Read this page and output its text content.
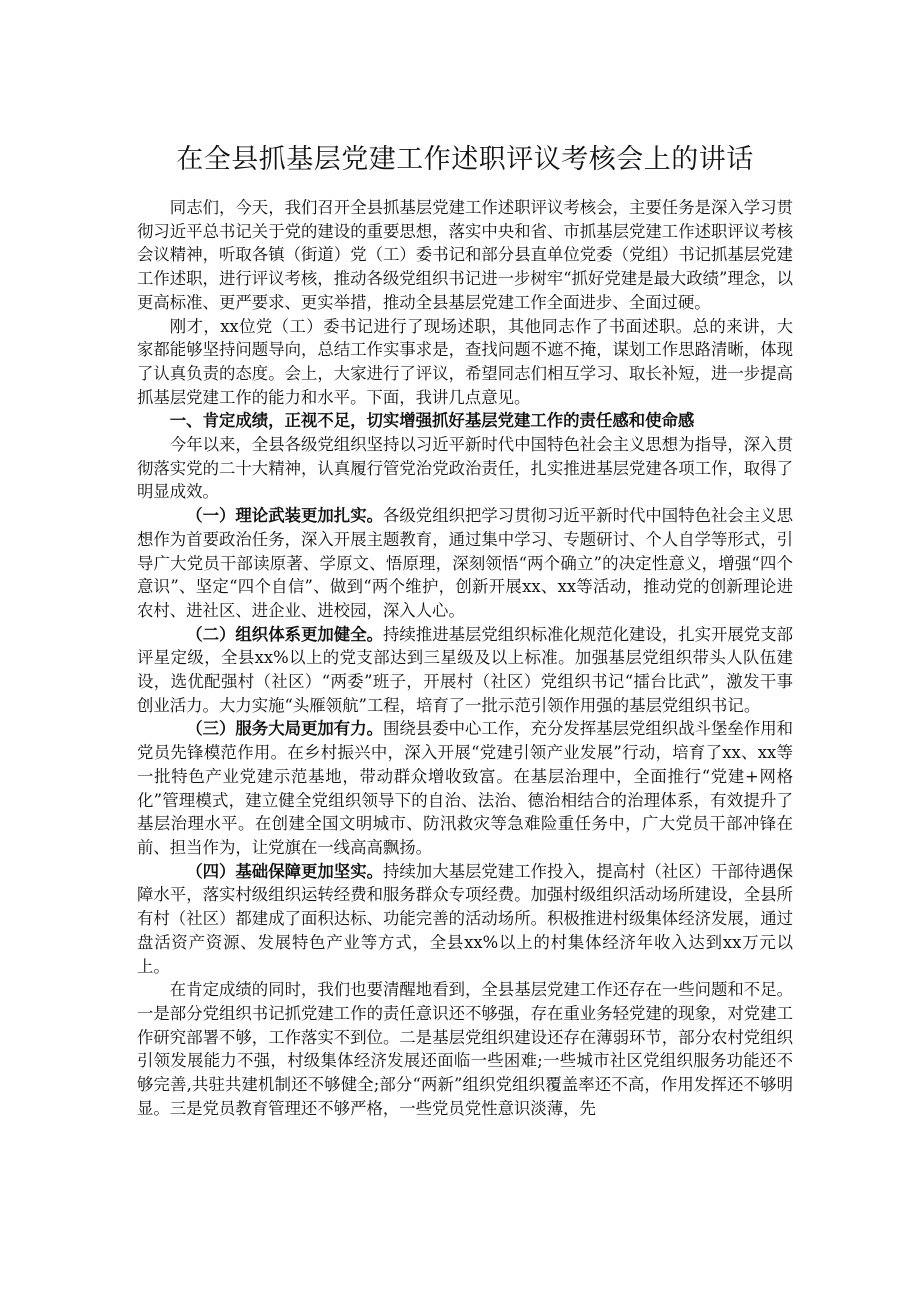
在全县抓基层党建工作述职评议考核会上的讲话

同志们，今天，我们召开全县抓基层党建工作述职评议考核会，主要任务是深入学习贯彻习近平总书记关于党的建设的重要思想，落实中央和省、市抓基层党建工作述职评议考核会议精神，听取各镇（街道）党（工）委书记和部分县直单位党委（党组）书记抓基层党建工作述职，进行评议考核，推动各级党组织书记进一步树牢“抓好党建是最大政绩”理念，以更高标准、更严要求、更实举措，推动全县基层党建工作全面进步、全面过硬。

刚才，xx位党（工）委书记进行了现场述职，其他同志作了书面述职。总的来讲，大家都能够坚持问题导向，总结工作实事求是，查找问题不遮不掩，谋划工作思路清晰，体现了认真负责的态度。会上，大家进行了评议，希望同志们相互学习、取长补短，进一步提高抓基层党建工作的能力和水平。下面，我讲几点意见。

一、肯定成绩，正视不足，切实增强抓好基层党建工作的责任感和使命感

今年以来，全县各级党组织坚持以习近平新时代中国特色社会主义思想为指导，深入贯彻落实党的二十大精神，认真履行管党治党政治责任，扎实推进基层党建各项工作，取得了明显成效。

（一）理论武装更加扎实。各级党组织把学习贯彻习近平新时代中国特色社会主义思想作为首要政治任务，深入开展主题教育，通过集中学习、专题研讨、个人自学等形式，引导广大党员干部读原著、学原文、悟原理，深刻领悟“两个确立”的决定性意义，增强“四个意识”、坚定“四个自信”、做到“两个维护，创新开展xx、xx等活动，推动党的创新理论进农村、进社区、进企业、进校园，深入人心。

（二）组织体系更加健全。持续推进基层党组织标准化规范化建设，扎实开展党支部评星定级，全县xx%以上的党支部达到三星级及以上标准。加强基层党组织带头人队伍建设，选优配强村（社区）“两委”班子，开展村（社区）党组织书记“擂台比武”，激发干事创业活力。大力实施“头雁领航”工程，培育了一批示范引领作用强的基层党组织书记。

（三）服务大局更加有力。围绕县委中心工作，充分发挥基层党组织战斗堡垒作用和党员先锋模范作用。在乡村振兴中，深入开展“党建引领产业发展”行动，培育了xx、xx等一批特色产业党建示范基地，带动群众增收致富。在基层治理中，全面推行“党建+网格化”管理模式，建立健全党组织领导下的自治、法治、德治相结合的治理体系，有效提升了基层治理水平。在创建全国文明城市、防汛救灾等急难险重任务中，广大党员干部冲锋在前、担当作为，让党旗在一线高高飘扬。

（四）基础保障更加坚实。持续加大基层党建工作投入，提高村（社区）干部待遇保障水平，落实村级组织运转经费和服务群众专项经费。加强村级组织活动场所建设，全县所有村（社区）都建成了面积达标、功能完善的活动场所。积极推进村级集体经济发展，通过盘活资产资源、发展特色产业等方式，全县xx%以上的村集体经济年收入达到xx万元以上。

在肯定成绩的同时，我们也要清醒地看到，全县基层党建工作还存在一些问题和不足。一是部分党组织书记抓党建工作的责任意识还不够强，存在重业务轻党建的现象，对党建工作研究部署不够，工作落实不到位。二是基层党组织建设还存在薄弱环节，部分农村党组织引领发展能力不强，村级集体经济发展还面临一些困难;一些城市社区党组织服务功能还不够完善,共驻共建机制还不够健全;部分“两新”组织党组织覆盖率还不高，作用发挥还不够明显。三是党员教育管理还不够严格，一些党员党性意识淡薄，先
